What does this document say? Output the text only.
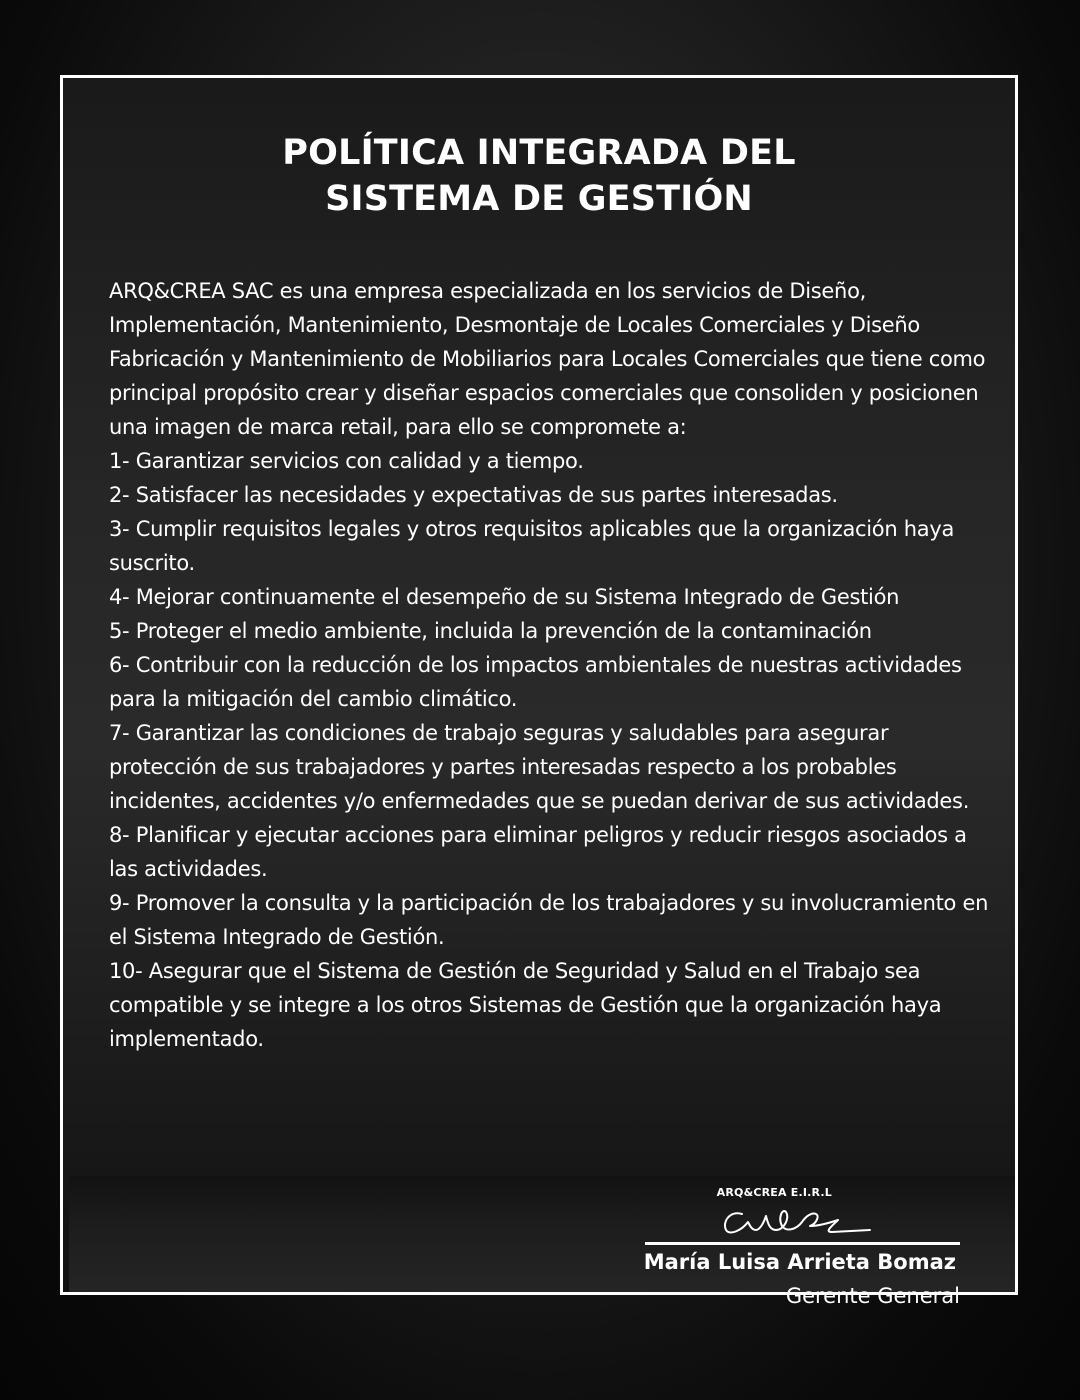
POLÍTICA INTEGRADA DEL
SISTEMA DE GESTIÓN

ARQ&CREA SAC es una empresa especializada en los servicios de Diseño, Implementación, Mantenimiento, Desmontaje de Locales Comerciales y Diseño Fabricación y Mantenimiento de Mobiliarios para Locales Comerciales que tiene como principal propósito crear y diseñar espacios comerciales que consoliden y posicionen una imagen de marca retail, para ello se compromete a:

1- Garantizar servicios con calidad y a tiempo.

2- Satisfacer las necesidades y expectativas de sus partes interesadas.

3- Cumplir requisitos legales y otros requisitos aplicables que la organización haya suscrito.

4- Mejorar continuamente el desempeño de su Sistema Integrado de Gestión

5- Proteger el medio ambiente, incluida la prevención de la contaminación

6- Contribuir con la reducción de los impactos ambientales de nuestras actividades para la mitigación del cambio climático.

7- Garantizar las condiciones de trabajo seguras y saludables para asegurar protección de sus trabajadores y partes interesadas respecto a los probables incidentes, accidentes y/o enfermedades que se puedan derivar de sus actividades.

8- Planificar y ejecutar acciones para eliminar peligros y reducir riesgos asociados a las actividades.

9- Promover la consulta y la participación de los trabajadores y su involucramiento en el Sistema Integrado de Gestión.

10- Asegurar que el Sistema de Gestión de Seguridad y Salud en el Trabajo sea compatible y se integre a los otros Sistemas de Gestión que la organización haya implementado.

ARQ&CREA E.I.R.L
María Luisa Arrieta Bomaz
Gerente General
